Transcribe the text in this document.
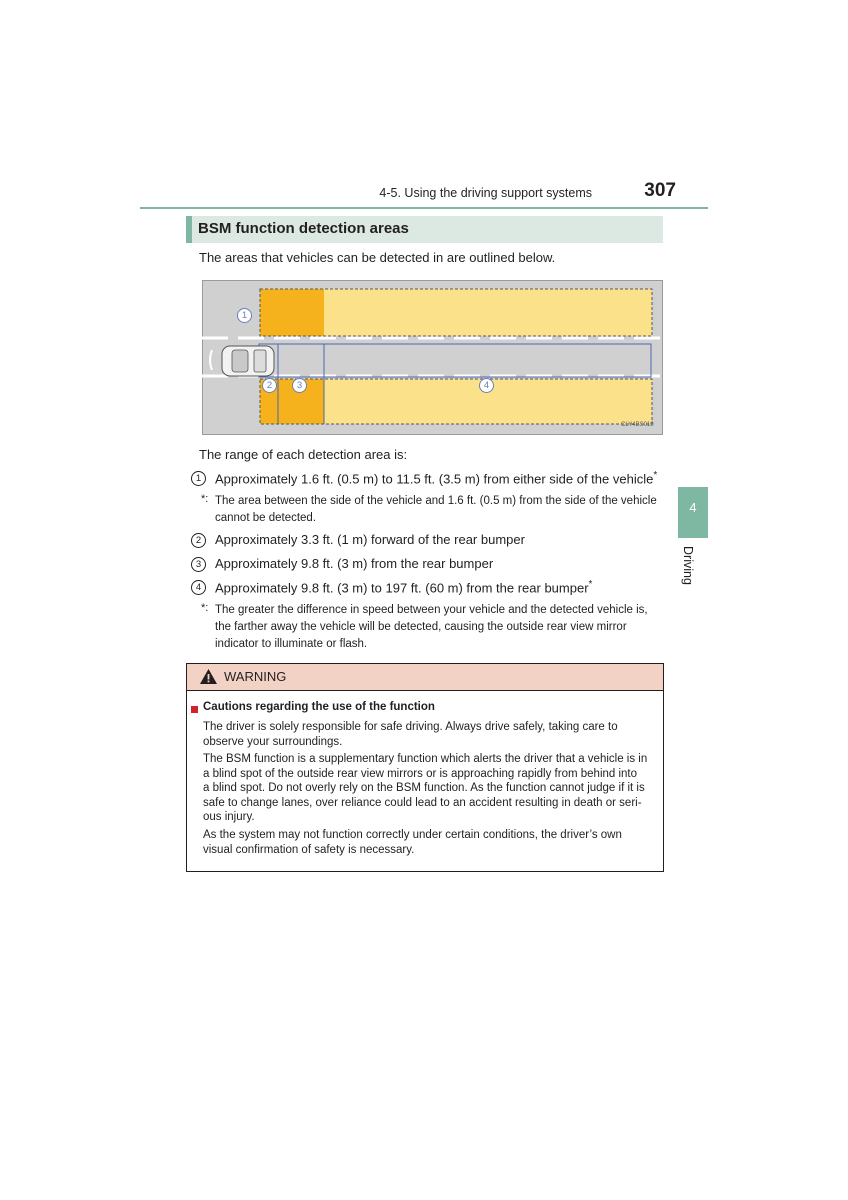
4-5. Using the driving support systems	307
4
Driving
BSM function detection areas
The areas that vehicles can be detected in are outlined below.
1
2	3	4
CLY4BS010
The range of each detection area is:
1	Approximately 1.6 ft. (0.5 m) to 11.5 ft. (3.5 m) from either side of the vehicle*
*: The area between the side of the vehicle and 1.6 ft. (0.5 m) from the side of the vehicle
cannot be detected.
2	Approximately 3.3 ft. (1 m) forward of the rear bumper
3	Approximately 9.8 ft. (3 m) from the rear bumper
4	Approximately 9.8 ft. (3 m) to 197 ft. (60 m) from the rear bumper*
*: The greater the difference in speed between your vehicle and the detected vehicle is,
the farther away the vehicle will be detected, causing the outside rear view mirror
indicator to illuminate or flash.
WARNING
Cautions regarding the use of the function
The driver is solely responsible for safe driving. Always drive safely, taking care to
observe your surroundings.
The BSM function is a supplementary function which alerts the driver that a vehicle is in
a blind spot of the outside rear view mirrors or is approaching rapidly from behind into
a blind spot. Do not overly rely on the BSM function. As the function cannot judge if it is
safe to change lanes, over reliance could lead to an accident resulting in death or seri-
ous injury.
As the system may not function correctly under certain conditions, the driver’s own
visual confirmation of safety is necessary.
